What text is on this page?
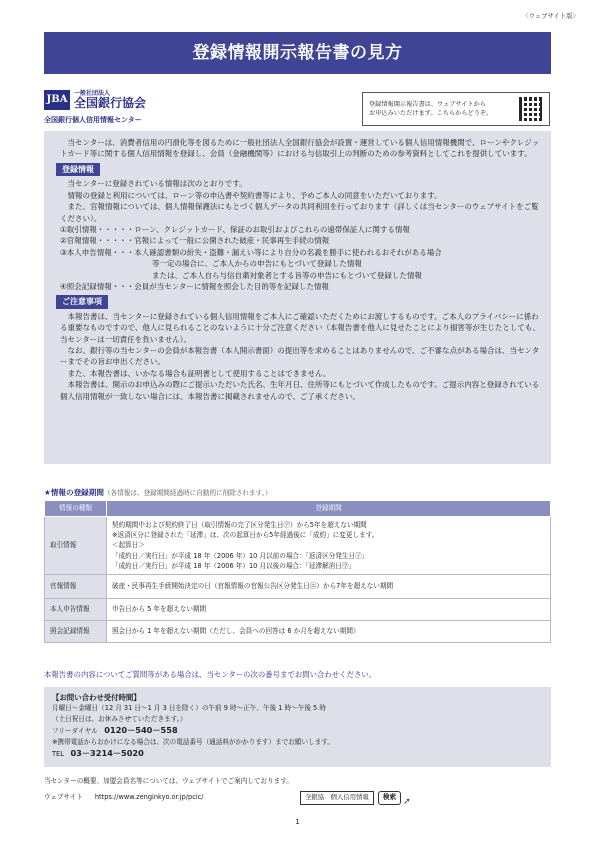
〈ウェブサイト版〉
登録情報開示報告書の見方
JBA
一般社団法人
全国銀行協会
全国銀行個人信用情報センター
登録情報開示報告書は、ウェブサイトから
お申込みいただけます。こちらからどうぞ。

当センターは、消費者信用の円滑化等を図るために一般社団法人全国銀行協会が設置・運営している個人信用情報機関で、ローンやクレジットカード等に関する個人信用情報を登録し、会員（金融機関等）における与信取引上の判断のための参考資料としてこれを提供しています。

登録情報

当センターに登録されている情報は次のとおりです。

情報の登録と利用については、ローン等の申込書や契約書等により、予めご本人の同意をいただいております。

また、官報情報については、個人情報保護法にもとづく個人データの共同利用を行っております（詳しくは当センターのウェブサイトをご覧ください）。

①取引情報・・・・・ローン、クレジットカード、保証のお取引およびこれらの遠帯保証人に関する情報

②官報情報・・・・・官報によって一般に公開された破産・民事再生手続の情報

③本人申告情報・・・本人確認書類の紛失・盗難・漏えい等により自分の名義を勝手に使われるおそれがある場合

等一定の場合に、ご本人からの申告にもとづいて登録した情報

または、ご本人自ら与信自粛対象者とする旨等の申告にもとづいて登録した情報

④照会記録情報・・・会員が当センターに情報を照会した目的等を記録した情報

ご注意事項

本報告書は、当センターに登録されている個人信用情報をご本人にご確認いただくためにお渡しするものです。ご本人のプライバシーに係わる重要なものですので、他人に見られることのないように十分ご注意ください（本報告書を他人に見せたことにより損害等が生じたとしても、当センターは一切責任を負いません）。

なお、銀行等の当センターの会員が本報告書（本人開示書面）の提出等を求めることはありませんので、ご不審な点がある場合は、当センターまでその旨お申出ください。

また、本報告書は、いかなる場合も証明書として使用することはできません。

本報告書は、開示のお申込みの際にご提示いただいた氏名、生年月日、住所等にもとづいて作成したものです。ご提示内容と登録されている個人信用情報が一致しない場合には、本報告書に掲載されませんので、ご了承ください。

★情報の登録期間（各情報は、登録期間経過時に自動的に削除されます。）
情報の種類	登録期間
取引情報	契約期間中および契約終了日（取引情報の完了区分発生日㋐）から5年を超えない期間
※返済区分に登録された「延滞」は、次の起算日から5年経過後に「成約」に変更します。
＜起算日＞
「成約日／実行日」が平成 18 年（2006 年）10 月以前の場合：「返済区分発生日㋑」
「成約日／実行日」が平成 18 年（2006 年）10 月以後の場合：「延滞解消日㋒」

官報情報	破産・民事再生手続開始決定の日（官報情報の官報公告区分発生日㋓）から7年を超えない期間
本人申告情報	申告日から 5 年を超えない期間
照会記録情報	照会日から 1 年を超えない期間（ただし、会員への回答は 6 か月を超えない期間）
本報告書の内容についてご質問等がある場合は、当センターの次の番号までお問い合わせください。
【お問い合わせ受付時間】
月曜日～金曜日（12 月 31 日～1 月 3 日を除く）の午前 9 時～正午、午後 1 時～午後 5 時
（土日祝日は、お休みさせていただきます。）
フリーダイヤル　 0120－540－558
※携帯電話からおかけになる場合は、次の電話番号（通話料がかかります）までお願いします。
TEL　 03－3214－5020
当センターの概要、加盟会員名等については、ウェブサイトでご案内しております。
ウェブサイト https://www.zenginkyo.or.jp/pcic/	全銀協　個人信用情報	検索 ➚
1
